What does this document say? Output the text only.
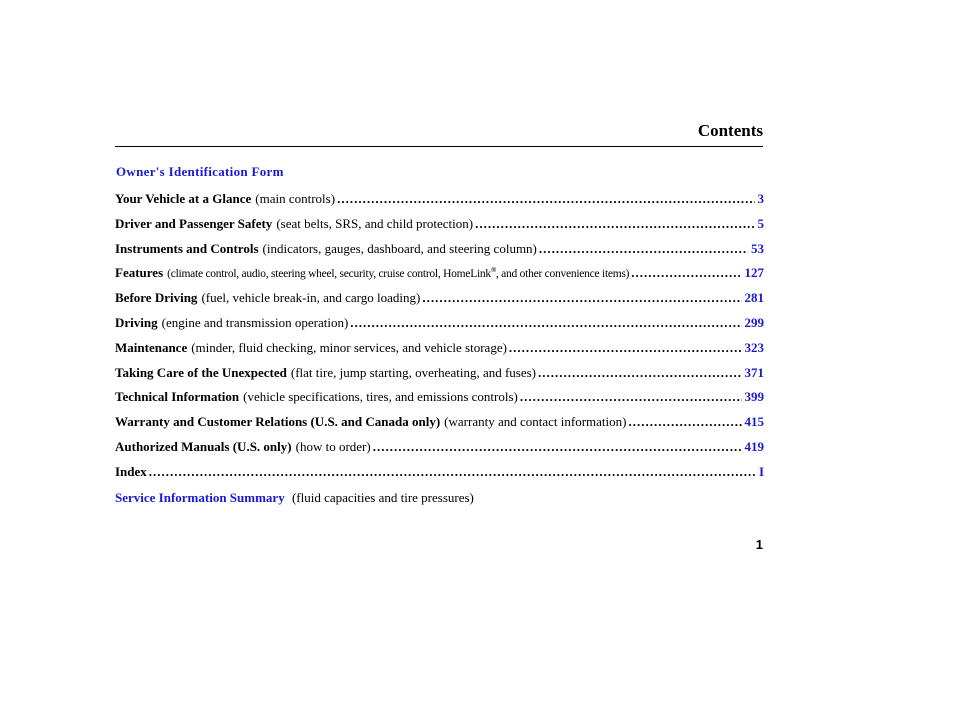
Contents
Owner's Identification Form
Your Vehicle at a Glance (main controls) .....	3
Driver and Passenger Safety (seat belts, SRS, and child protection) .....	5
Instruments and Controls (indicators, gauges, dashboard, and steering column) .....	53
Features (climate control, audio, steering wheel, security, cruise control, HomeLink®, and other convenience items) .....	127
Before Driving (fuel, vehicle break-in, and cargo loading) .....	281
Driving (engine and transmission operation) .....	299
Maintenance (minder, fluid checking, minor services, and vehicle storage) .....	323
Taking Care of the Unexpected (flat tire, jump starting, overheating, and fuses) .....	371
Technical Information (vehicle specifications, tires, and emissions controls) .....	399
Warranty and Customer Relations (U.S. and Canada only) (warranty and contact information) .....	415
Authorized Manuals (U.S. only) (how to order) .....	419
Index .....	I
Service Information Summary (fluid capacities and tire pressures)
1
